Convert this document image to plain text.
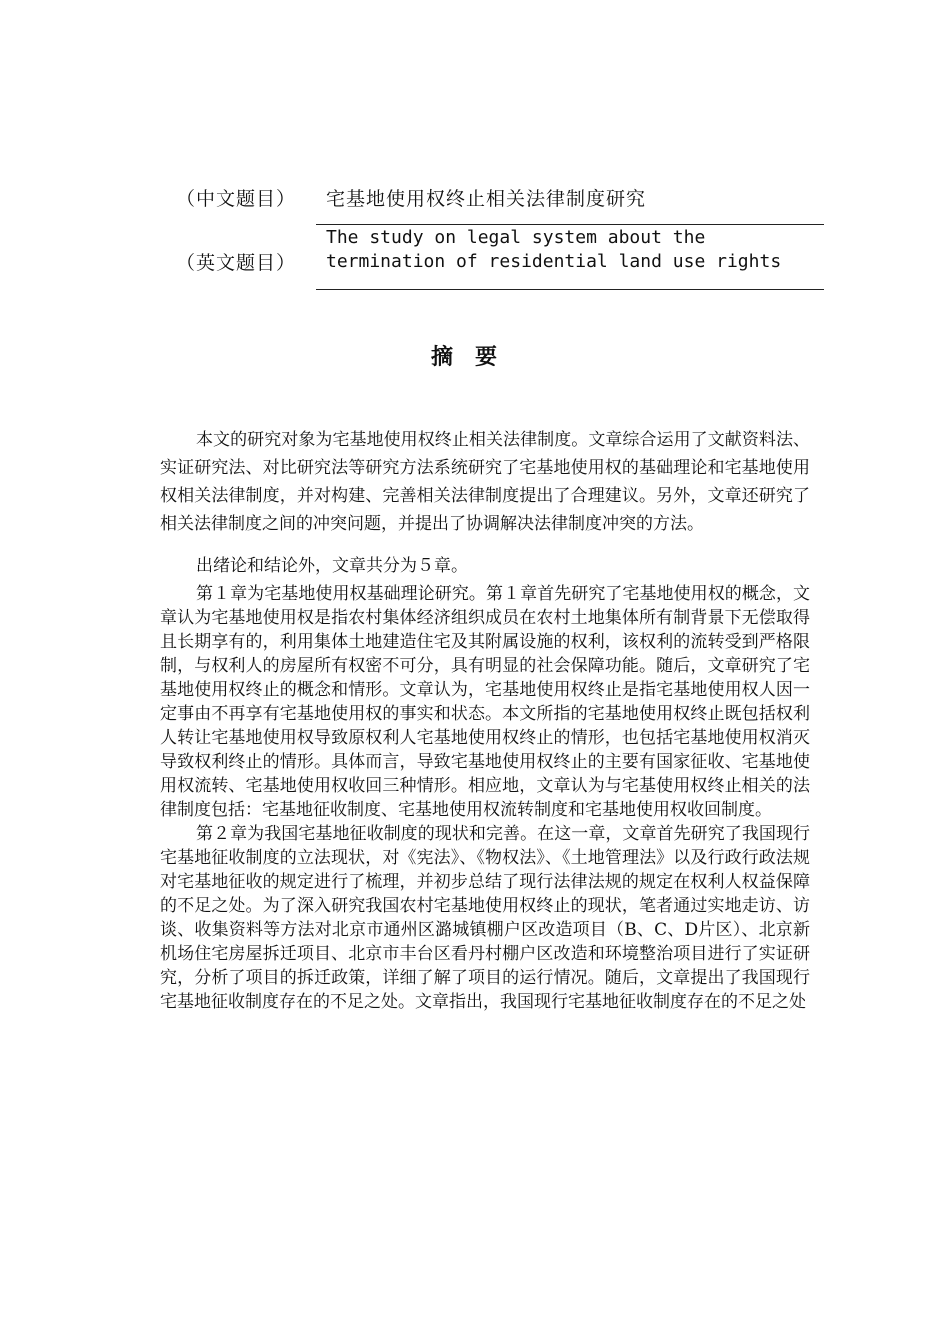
（中文题目） 宅基地使用权终止相关法律制度研究
（英文题目）
The study on legal system about the
termination of residential land use rights
摘要

本文的研究对象为宅基地使用权终止相关法律制度。文章综合运用了文献资料法、实证研究法、对比研究法等研究方法系统研究了宅基地使用权的基础理论和宅基地使用权相关法律制度，并对构建、完善相关法律制度提出了合理建议。另外，文章还研究了相关法律制度之间的冲突问题，并提出了协调解决法律制度冲突的方法。

出绪论和结论外，文章共分为５章。

第１章为宅基地使用权基础理论研究。第１章首先研究了宅基地使用权的概念，文章认为宅基地使用权是指农村集体经济组织成员在农村土地集体所有制背景下无偿取得且长期享有的，利用集体土地建造住宅及其附属设施的权利，该权利的流转受到严格限制，与权利人的房屋所有权密不可分，具有明显的社会保障功能。随后，文章研究了宅基地使用权终止的概念和情形。文章认为，宅基地使用权终止是指宅基地使用权人因一定事由不再享有宅基地使用权的事实和状态。本文所指的宅基地使用权终止既包括权利人转让宅基地使用权导致原权利人宅基地使用权终止的情形，也包括宅基地使用权消灭导致权利终止的情形。具体而言，导致宅基地使用权终止的主要有国家征收、宅基地使用权流转、宅基地使用权收回三种情形。相应地，文章认为与宅基使用权终止相关的法律制度包括：宅基地征收制度、宅基地使用权流转制度和宅基地使用权收回制度。

第２章为我国宅基地征收制度的现状和完善。在这一章，文章首先研究了我国现行宅基地征收制度的立法现状，对《宪法》、《物权法》、《土地管理法》以及行政行政法规对宅基地征收的规定进行了梳理，并初步总结了现行法律法规的规定在权利人权益保障的不足之处。为了深入研究我国农村宅基地使用权终止的现状，笔者通过实地走访、访谈、收集资料等方法对北京市通州区潞城镇棚户区改造项目（B、C、D片区）、北京新机场住宅房屋拆迁项目、北京市丰台区看丹村棚户区改造和环境整治项目进行了实证研究，分析了项目的拆迁政策，详细了解了项目的运行情况。随后，文章提出了我国现行宅基地征收制度存在的不足之处。文章指出，我国现行宅基地征收制度存在的不足之处
